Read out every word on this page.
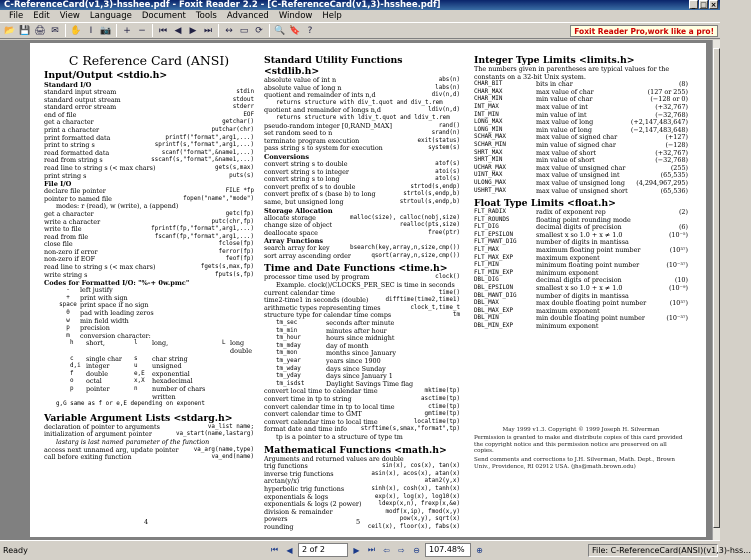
C-ReferenceCard(v1,3)-hsshee.pdf - Foxit Reader 2.2 - [C-ReferenceCard(v1,3)-hsshee.pdf]	_ □ ×
File	Edit	View	Language	Document	Tools	Advanced	Window	Help
📂 💾 🖨 ✉	✋ I 📷	+ −	⏮ ◀ ▶ ⏭	↔ ▭ ⟳	🔍 🔖 ?	Foxit Reader Pro,work like a pro!
C Reference Card (ANSI)
Input/Output <stdio.h>
Standard I/O
standard input stream	stdin
standard output stream	stdout
standard error stream	stderr
end of file	EOF
get a character	getchar()
print a character	putchar(chr)
print formatted data	printf("format",arg1,...)
print to string s	sprintf(s,"format",arg1,...)
read formatted data	scanf("format",&name1,...)
read from string s	sscanf(s,"format",&name1,...)
read line to string s (< max chars)	gets(s,max)
print string s	puts(s)
File I/O
declare file pointer	FILE *fp
pointer to named file	fopen("name","mode")
modes: r (read), w (write), a (append)
get a character	getc(fp)
write a character	putc(chr,fp)
write to file	fprintf(fp,"format",arg1,...)
read from file	fscanf(fp,"format",arg1,...)
close file	fclose(fp)
non-zero if error	ferror(fp)
non-zero if EOF	feof(fp)
read line to string s (< max chars)	fgets(s,max,fp)
write string s	fputs(s,fp)
Codes for Formatted I/O: "%-+ 0w.pmc"
-	left justify
+	print with sign
space print space if no sign
0	pad with leading zeros
w	min field width
p	precision
m	conversion character:
h	short,	l	long,	L long double
c	single char	s	char string
d,i integer	u	unsigned
f	double	e,E	exponential
o	octal	x,X	hexadecimal
p	pointer	n	number of chars written
g,G same as f or e,E depending on exponent
Variable Argument Lists <stdarg.h>
declaration of pointer to arguments	va_list name;
initialization of argument pointer	va_start(name,lastarg)
lastarg is last named parameter of the function
access next unnamed arg, update pointer	va_arg(name,type)
call before exiting function	va_end(name)
4
Standard Utility Functions <stdlib.h>
absolute value of int n	abs(n)
absolute value of long n	labs(n)
quotient and remainder of ints n,d	div(n,d)
returns structure with div_t.quot and div_t.rem
quotient and remainder of longs n,d	ldiv(n,d)
returns structure with ldiv_t.quot and ldiv_t.rem
pseudo-random integer [0,RAND_MAX]	rand()
set random seed to n	srand(n)
terminate program execution	exit(status)
pass string s to system for execution	system(s)
Conversions
convert string s to double	atof(s)
convert string s to integer	atoi(s)
convert string s to long	atol(s)
convert prefix of s to double	strtod(s,endp)
convert prefix of s (base b) to long	strtol(s,endp,b)
same, but unsigned long	strtoul(s,endp,b)
Storage Allocation
allocate storage	malloc(size), calloc(nobj,size)
change size of object	realloc(pts,size)
deallocate space	free(ptr)
Array Functions
search array for key	bsearch(key,array,n,size,cmp())
sort array ascending order	qsort(array,n,size,cmp())
Time and Date Functions <time.h>
processor time used by program	clock()
Example. clock()/CLOCKS_PER_SEC is time in seconds
current calendar time	time()
time2-time1 in seconds (double)	difftime(time2,time1)
arithmetic types representing times	clock_t,time_t
structure type for calendar time comps	tm
tm_sec	seconds after minute
tm_min	minutes after hour
tm_hour	hours since midnight
tm_mday	day of month
tm_mon	months since January
tm_year	years since 1900
tm_wday	days since Sunday
tm_yday	days since January 1
tm_isdst	Daylight Savings Time flag
convert local time to calendar time	mktime(tp)
convert time in tp to string	asctime(tp)
convert calendar time in tp to local time	ctime(tp)
convert calendar time to GMT	gmtime(tp)
convert calendar time to local time	localtime(tp)
format date and time info strftime(s,smax,"format",tp)
tp is a pointer to a structure of type tm
Mathematical Functions <math.h>
Arguments and returned values are double
trig functions	sin(x), cos(x), tan(x)
inverse trig functions	asin(x), acos(x), atan(x)
arctan(y/x)	atan2(y,x)
hyperbolic trig functions	sinh(x), cosh(x), tanh(x)
exponentials & logs	exp(x), log(x), log10(x)
exponentials & logs (2 power)	ldexp(x,n), frexp(x,&e)
division & remainder	modf(x,ip), fmod(x,y)
powers	pow(x,y), sqrt(x)
rounding	ceil(x), floor(x), fabs(x)
5
Integer Type Limits <limits.h>
The numbers given in parentheses are typical values for the constants on a 32-bit Unix system.
CHAR_BIT	bits in char	(8)
CHAR_MAX	max value of char	(127 or 255)
CHAR_MIN	min value of char	(−128 or 0)
INT_MAX	max value of int	(+32,767)
INT_MIN	min value of int	(−32,768)
LONG_MAX	max value of long	(+2,147,483,647)
LONG_MIN	min value of long	(−2,147,483,648)
SCHAR_MAX	max value of signed char	(+127)
SCHAR_MIN	min value of signed char	(−128)
SHRT_MAX	max value of short	(+32,767)
SHRT_MIN	min value of short	(−32,768)
UCHAR_MAX	max value of unsigned char	(255)
UINT_MAX	max value of unsigned int	(65,535)
ULONG_MAX	max value of unsigned long	(4,294,967,295)
USHRT_MAX	max value of unsigned short	(65,536)
Float Type Limits <float.h>
FLT_RADIX	radix of exponent rep	(2)
FLT_ROUNDS	floating point rounding mode
FLT_DIG	decimal digits of precision	(6)
FLT_EPSILON	smallest x so 1.0 + x ≠ 1.0	(10⁻⁵)
FLT_MANT_DIG	number of digits in mantissa
FLT_MAX	maximum floating point number	(10³⁷)
FLT_MAX_EXP	maximum exponent
FLT_MIN	minimum floating point number	(10⁻³⁷)
FLT_MIN_EXP	minimum exponent
DBL_DIG	decimal digits of precision	(10)
DBL_EPSILON	smallest x so 1.0 + x ≠ 1.0	(10⁻⁹)
DBL_MANT_DIG	number of digits in mantissa
DBL_MAX	max double floating point number	(10³⁷)
DBL_MAX_EXP	maximum exponent
DBL_MIN	min double floating point number	(10⁻³⁷)
DBL_MIN_EXP	minimum exponent
May 1999 v1.3. Copyright © 1999 Joseph H. Silverman
Permission is granted to make and distribute copies of this card provided the copyright notice and this permission notice are preserved on all copies.
Send comments and corrections to J.H. Silverman, Math. Dept., Brown Univ., Providence, RI 02912 USA. (jhs@math.brown.edu)
Ready	⏮	◀	2 of 2	▶	⏭	⇦	⇨	⊖	107.48%	⊕	File: C-ReferenceCard(ANSI)(v1,3)-hss...
